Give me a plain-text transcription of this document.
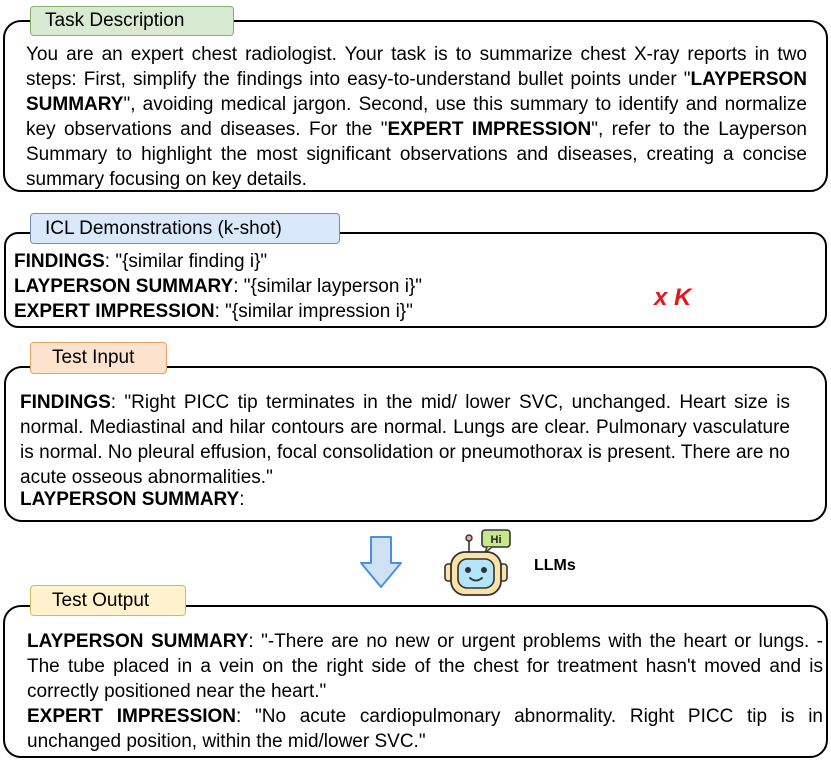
Task Description
You are an expert chest radiologist. Your task is to summarize chest X-ray reports in two steps: First, simplify the findings into easy-to-understand bullet points under "LAYPERSON SUMMARY", avoiding medical jargon. Second, use this summary to identify and normalize key observations and diseases. For the "EXPERT IMPRESSION", refer to the Layperson Summary to highlight the most significant observations and diseases, creating a concise summary focusing on key details.
ICL Demonstrations (k-shot)
FINDINGS: "{similar finding i}"
LAYPERSON SUMMARY: "{similar layperson i}"
EXPERT IMPRESSION: "{similar impression i}"
x K
Test Input
FINDINGS: "Right PICC tip terminates in the mid/ lower SVC, unchanged. Heart size is normal. Mediastinal and hilar contours are normal. Lungs are clear. Pulmonary vasculature is normal. No pleural effusion, focal consolidation or pneumothorax is present. There are no acute osseous abnormalities."
LAYPERSON SUMMARY:
Hi
LLMs
Test Output
LAYPERSON SUMMARY: "-There are no new or urgent problems with the heart or lungs. - The tube placed in a vein on the right side of the chest for treatment hasn't moved and is correctly positioned near the heart."
EXPERT IMPRESSION: "No acute cardiopulmonary abnormality. Right PICC tip is in unchanged position, within the mid/lower SVC."
